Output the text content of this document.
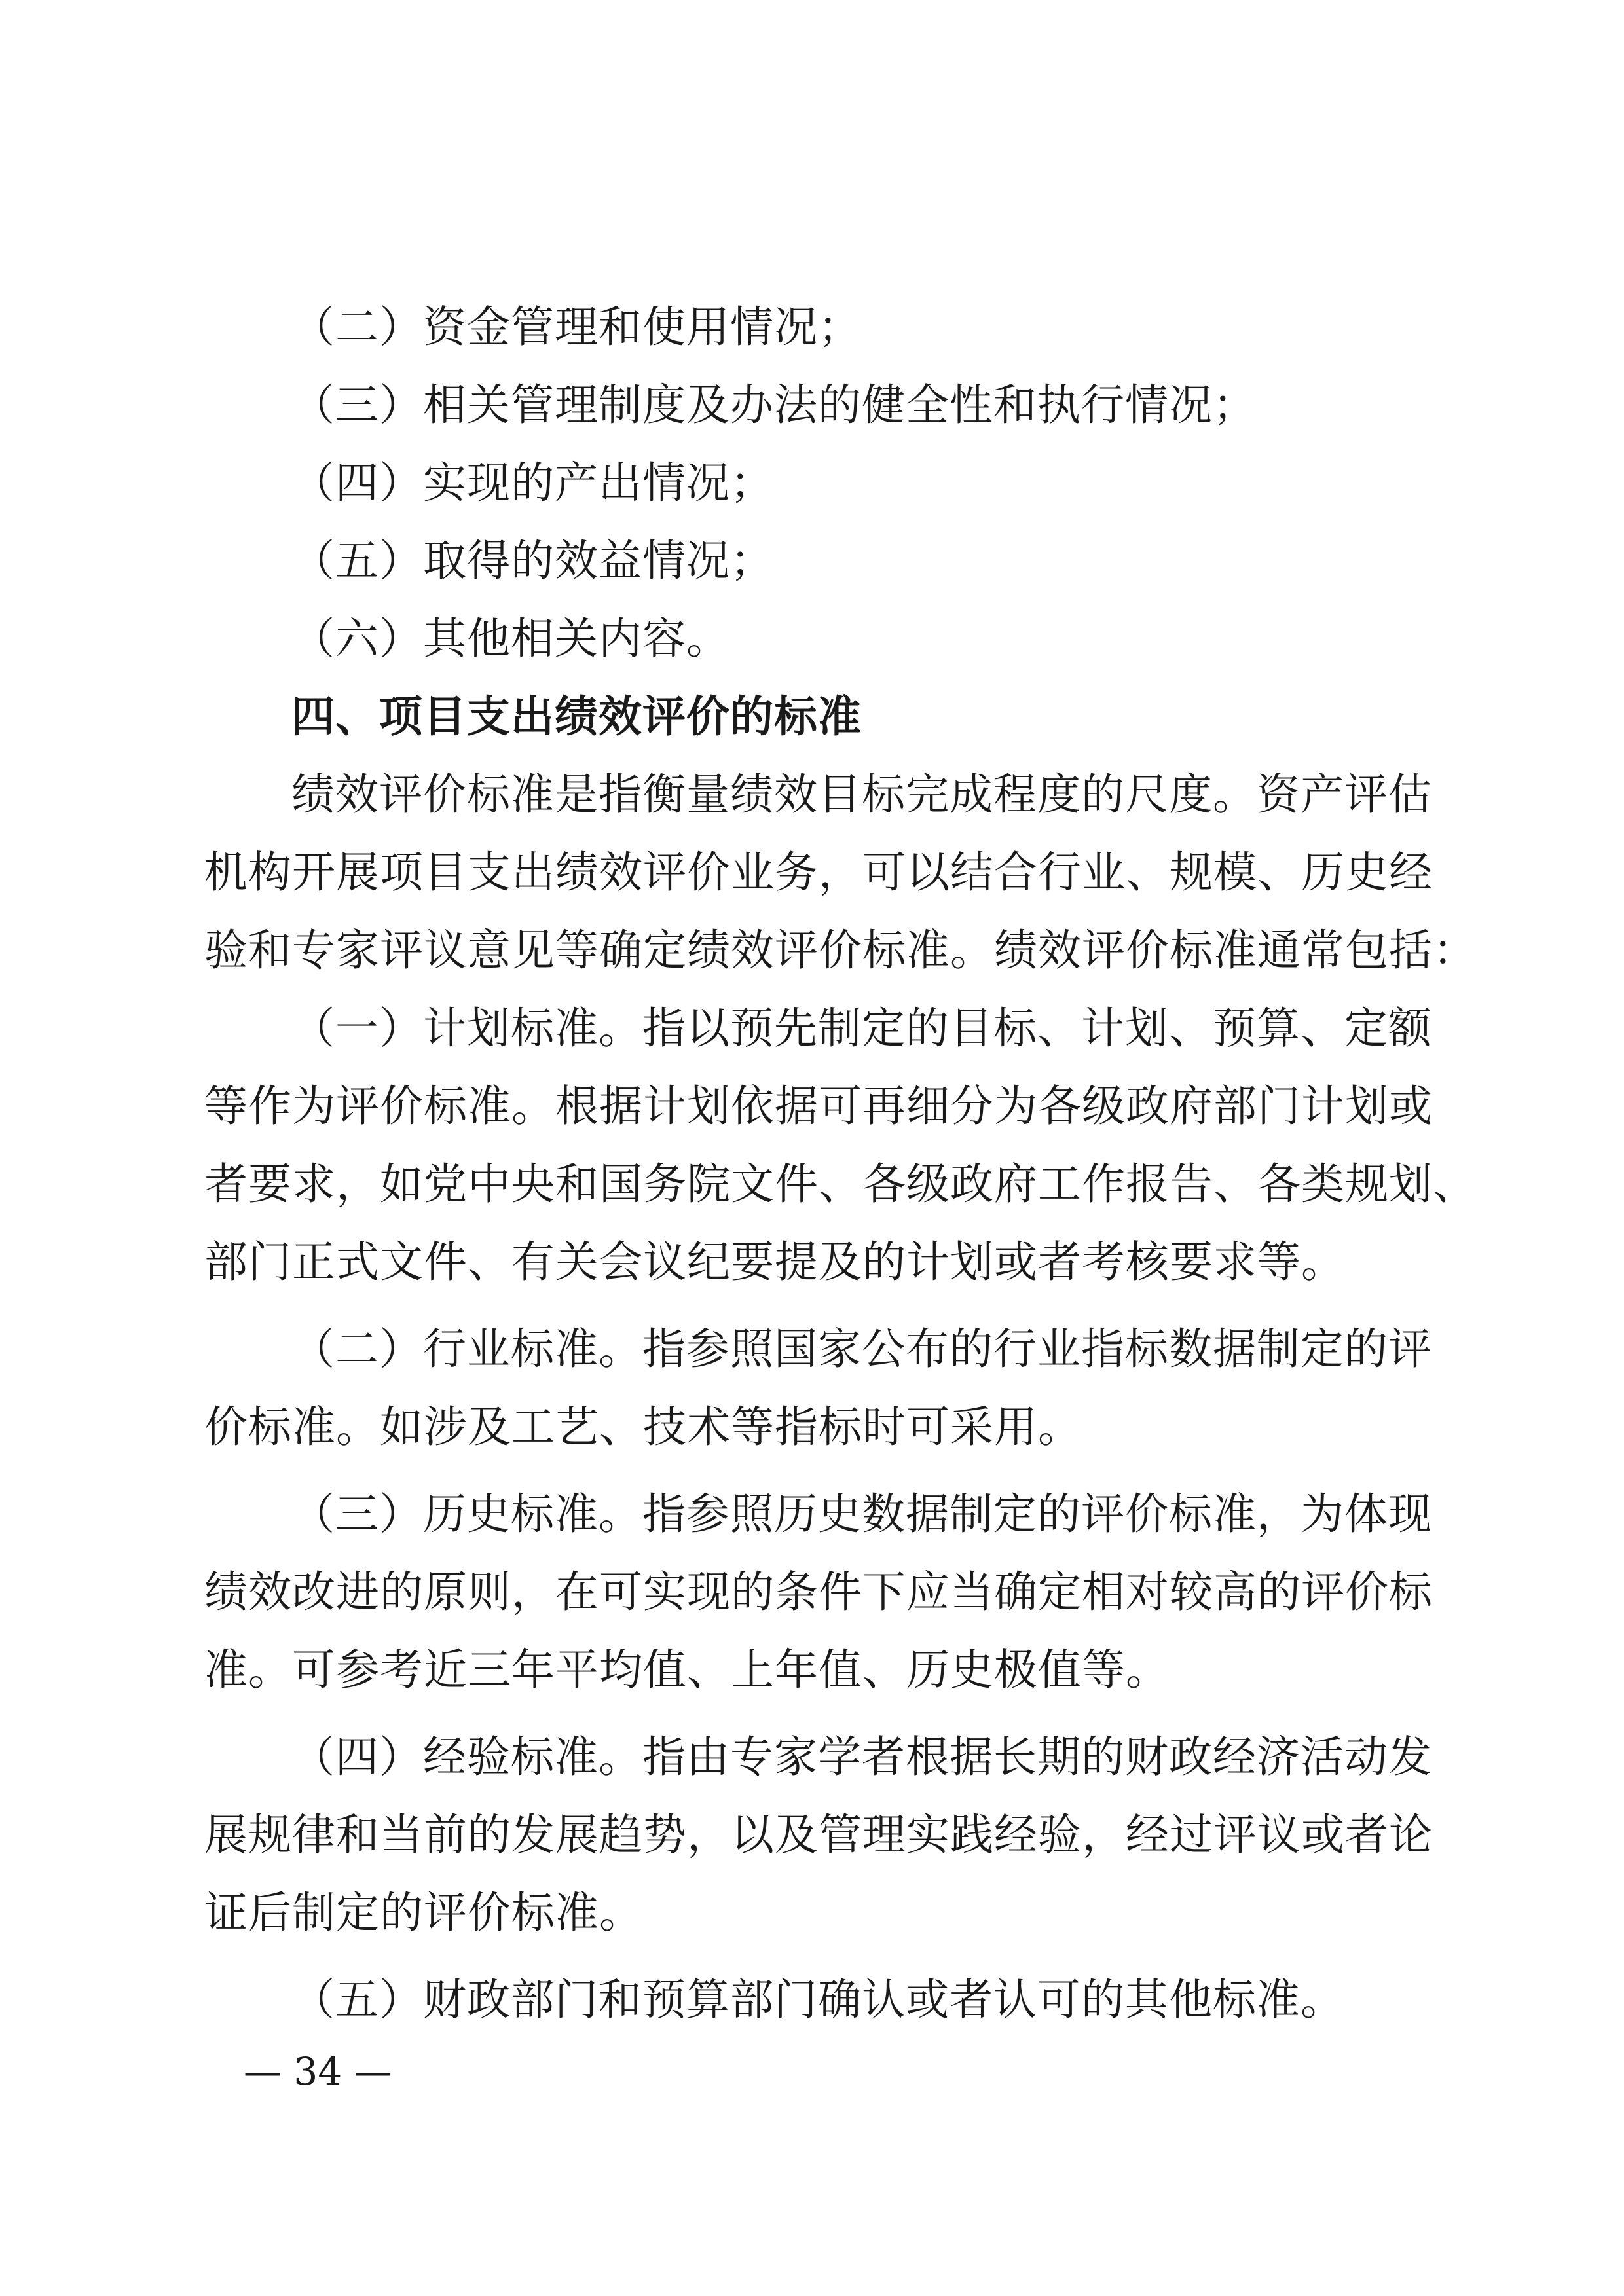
（二）资金管理和使用情况；
（三）相关管理制度及办法的健全性和执行情况；
（四）实现的产出情况；
（五）取得的效益情况；
（六）其他相关内容。
四、项目支出绩效评价的标准
绩效评价标准是指衡量绩效目标完成程度的尺度。资产评估
机构开展项目支出绩效评价业务，可以结合行业、规模、历史经
验和专家评议意见等确定绩效评价标准。绩效评价标准通常包括：
（一）计划标准。指以预先制定的目标、计划、预算、定额
等作为评价标准。根据计划依据可再细分为各级政府部门计划或
者要求，如党中央和国务院文件、各级政府工作报告、各类规划、
部门正式文件、有关会议纪要提及的计划或者考核要求等。
（二）行业标准。指参照国家公布的行业指标数据制定的评
价标准。如涉及工艺、技术等指标时可采用。
（三）历史标准。指参照历史数据制定的评价标准，为体现
绩效改进的原则，在可实现的条件下应当确定相对较高的评价标
准。可参考近三年平均值、上年值、历史极值等。
（四）经验标准。指由专家学者根据长期的财政经济活动发
展规律和当前的发展趋势，以及管理实践经验，经过评议或者论
证后制定的评价标准。
（五）财政部门和预算部门确认或者认可的其他标准。
— 34 —
